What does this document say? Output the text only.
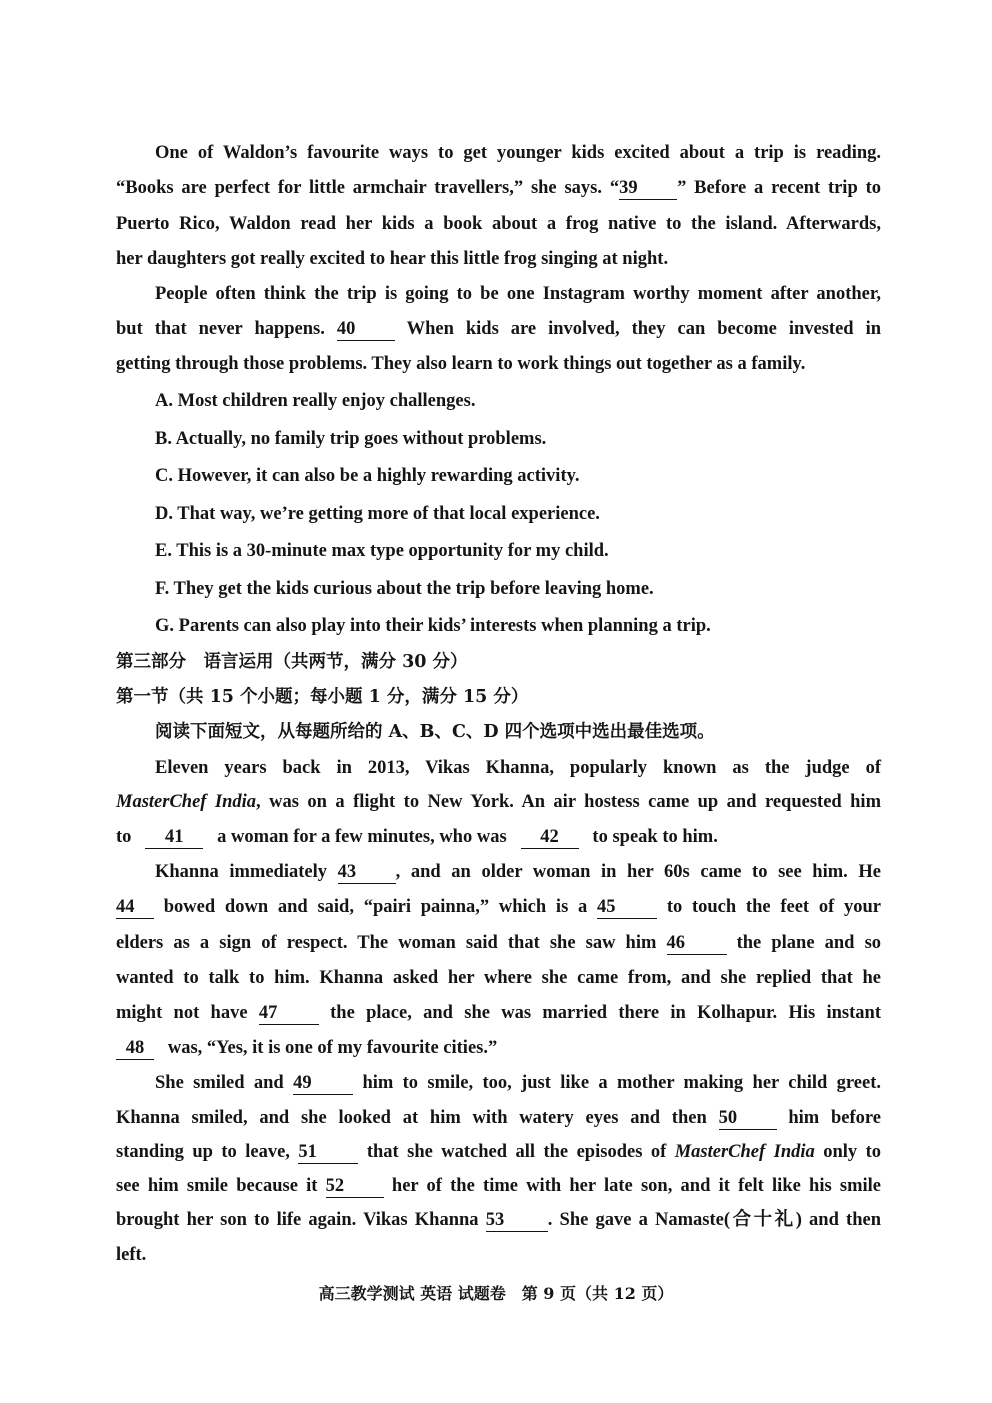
One of Waldon’s favourite ways to get younger kids excited about a trip is reading.
“Books are perfect for little armchair travellers,” she says. “39 ” Before a recent trip to
Puerto Rico, Waldon read her kids a book about a frog native to the island. Afterwards,
her daughters got really excited to hear this little frog singing at night.
People often think the trip is going to be one Instagram worthy moment after another,
but that never happens. 40	When kids are involved, they can become invested in
getting through those problems. They also learn to work things out together as a family.
A. Most children really enjoy challenges.
B. Actually, no family trip goes without problems.
C. However, it can also be a highly rewarding activity.
D. That way, we’re getting more of that local experience.
E. This is a 30-minute max type opportunity for my child.
F. They get the kids curious about the trip before leaving home.
G. Parents can also play into their kids’ interests when planning a trip.
第三部分　语言运用（共两节，满分 30 分）
第一节（共 15 个小题；每小题 1 分，满分 15 分）
阅读下面短文，从每题所给的 A、B、C、D 四个选项中选出最佳选项。
Eleven years back in 2013, Vikas Khanna, popularly known as the judge of
MasterChef India, was on a flight to New York. An air hostess came up and requested him
to 41 a woman for a few minutes, who was 42 to speak to him.
Khanna immediately 43 , and an older woman in her 60s came to see him. He
44 bowed down and said, “pairi painna,” which is a 45	to touch the feet of your
elders as a sign of respect. The woman said that she saw him 46	the plane and so
wanted to talk to him. Khanna asked her where she came from, and she replied that he
might not have 47	the place, and she was married there in Kolhapur. His instant
48 was, “Yes, it is one of my favourite cities.”
She smiled and 49	him to smile, too, just like a mother making her child greet.
Khanna smiled, and she looked at him with watery eyes and then 50	him before
standing up to leave, 51	that she watched all the episodes of MasterChef India only to
see him smile because it 52	her of the time with her late son, and it felt like his smile
brought her son to life again. Vikas Khanna 53 . She gave a Namaste(合十礼) and then
left.
高三教学测试 英语 试题卷　第 9 页（共 12 页）
